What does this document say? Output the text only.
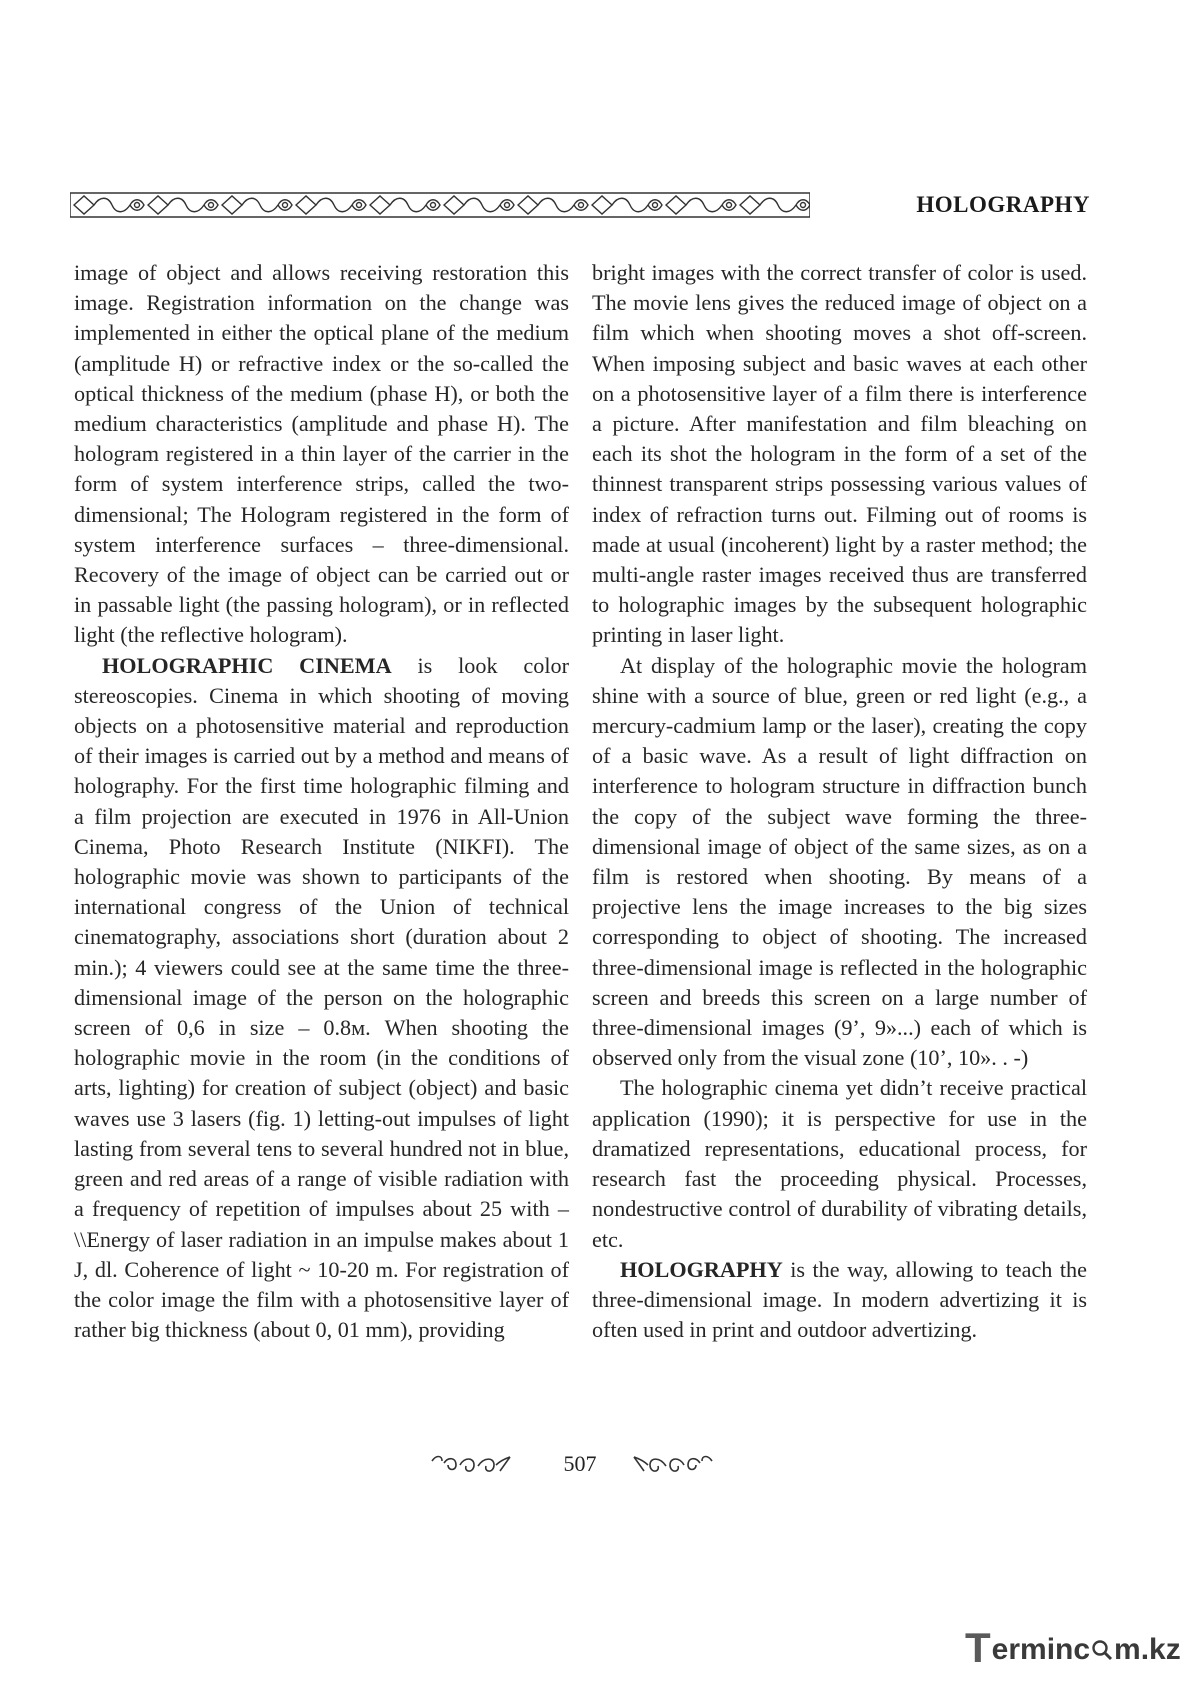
HOLOGRAPHY

image of object and allows receiving restoration this image. Registration information on the change was implemented in either the optical plane of the medium (amplitude H) or refractive index or the so-called the optical thickness of the medium (phase H), or both the medium characteristics (amplitude and phase H). The hologram registered in a thin layer of the carrier in the form of system interference strips, called the two-dimensional; The Hologram registered in the form of system interference surfaces – three-dimensional. Recovery of the image of object can be carried out or in passable light (the passing hologram), or in reflected light (the reflective hologram).

HOLOGRAPHIC CINEMA is look color stereoscopies. Cinema in which shooting of moving objects on a photosensitive material and reproduction of their images is carried out by a method and means of holography. For the first time holographic filming and a film projection are executed in 1976 in All-Union Cinema, Photo Research Institute (NIKFI). The holographic movie was shown to participants of the international congress of the Union of technical cinematography, associations short (duration about 2 min.); 4 viewers could see at the same time the three-dimensional image of the person on the holographic screen of 0,6 in size – 0.8м. When shooting the holographic movie in the room (in the conditions of arts, lighting) for creation of subject (object) and basic waves use 3 lasers (fig. 1) letting-out impulses of light lasting from several tens to several hundred not in blue, green and red areas of a range of visible radiation with a frequency of repetition of impulses about 25 with – \\Energy of laser radiation in an impulse makes about 1 J, dl. Coherence of light ~ 10-20 m. For registration of the color image the film with a photosensitive layer of rather big thickness (about 0, 01 mm), providing

bright images with the correct transfer of color is used. The movie lens gives the reduced image of object on a film which when shooting moves a shot off-screen. When imposing subject and basic waves at each other on a photosensitive layer of a film there is interference a picture. After manifestation and film bleaching on each its shot the hologram in the form of a set of the thinnest transparent strips possessing various values of index of refraction turns out. Filming out of rooms is made at usual (incoherent) light by a raster method; the multi-angle raster images received thus are transferred to holographic images by the subsequent holographic printing in laser light.

At display of the holographic movie the hologram shine with a source of blue, green or red light (e.g., a mercury-cadmium lamp or the laser), creating the copy of a basic wave. As a result of light diffraction on interference to hologram structure in diffraction bunch the copy of the subject wave forming the three-dimensional image of object of the same sizes, as on a film is restored when shooting. By means of a projective lens the image increases to the big sizes corresponding to object of shooting. The increased three-dimensional image is reflected in the holographic screen and breeds this screen on a large number of three-dimensional images (9’, 9»...) each of which is observed only from the visual zone (10’, 10». . -)

The holographic cinema yet didn’t receive practical application (1990); it is perspective for use in the dramatized representations, educational process, for research fast the proceeding physical. Processes, nondestructive control of durability of vibrating details, etc.

HOLOGRAPHY is the way, allowing to teach the three-dimensional image. In modern advertizing it is often used in print and outdoor advertizing.

507
T erminc m.kz
